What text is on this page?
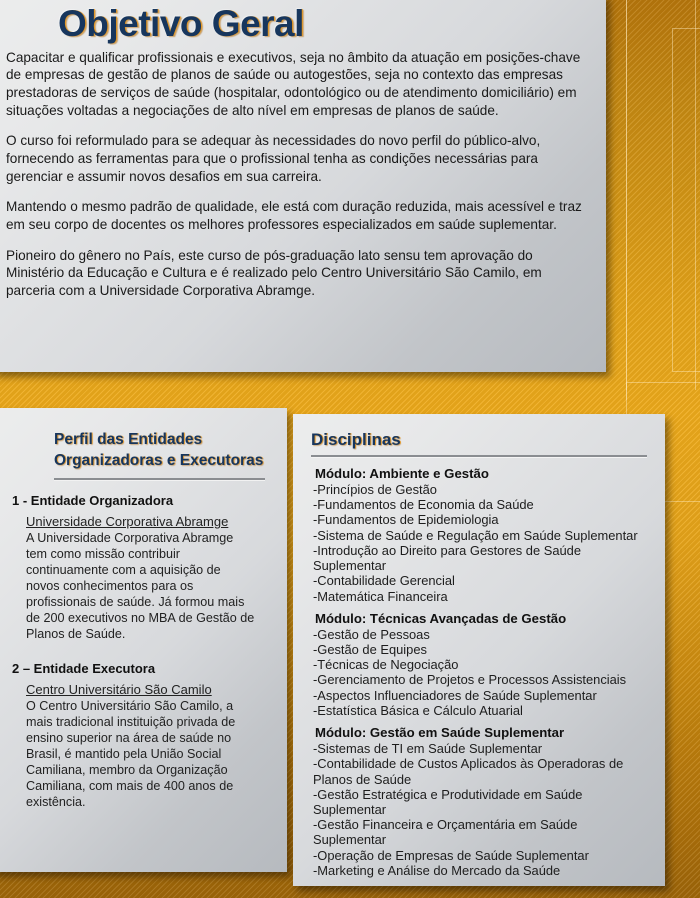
Objetivo Geral

Capacitar e qualificar profissionais e executivos, seja no âmbito da atuação em posições-chave de empresas de gestão de planos de saúde ou autogestões, seja no contexto das empresas prestadoras de serviços de saúde (hospitalar, odontológico ou de atendimento domiciliário) em situações voltadas a negociações de alto nível em empresas de planos de saúde.

O curso foi reformulado para se adequar às necessidades do novo perfil do público-alvo, fornecendo as ferramentas para que o profissional tenha as condições necessárias para gerenciar e assumir novos desafios em sua carreira.

Mantendo o mesmo padrão de qualidade, ele está com duração reduzida, mais acessível e traz em seu corpo de docentes os melhores professores especializados em saúde suplementar.

Pioneiro do gênero no País, este curso de pós-graduação lato sensu tem aprovação do Ministério da Educação e Cultura e é realizado pelo Centro Universitário São Camilo, em parceria com a Universidade Corporativa Abramge.

Perfil das Entidades Organizadoras e Executoras
1 - Entidade Organizadora
Universidade Corporativa Abramge
A Universidade Corporativa Abramge tem como missão contribuir continuamente com a aquisição de novos conhecimentos para os profissionais de saúde. Já formou mais de 200 executivos no MBA de Gestão de Planos de Saúde.
2 – Entidade Executora
Centro Universitário São Camilo
O Centro Universitário São Camilo, a mais tradicional instituição privada de ensino superior na área de saúde no Brasil, é mantido pela União Social Camiliana, membro da Organização Camiliana, com mais de 400 anos de existência.
Disciplinas
Módulo: Ambiente e Gestão
-Princípios de Gestão
-Fundamentos de Economia da Saúde
-Fundamentos de Epidemiologia
-Sistema de Saúde e Regulação em Saúde Suplementar
-Introdução ao Direito para Gestores de Saúde Suplementar
-Contabilidade Gerencial
-Matemática Financeira
Módulo: Técnicas Avançadas de Gestão
-Gestão de Pessoas
-Gestão de Equipes
-Técnicas de Negociação
-Gerenciamento de Projetos e Processos Assistenciais
-Aspectos Influenciadores de Saúde Suplementar
-Estatística Básica e Cálculo Atuarial
Módulo: Gestão em Saúde Suplementar
-Sistemas de TI em Saúde Suplementar
-Contabilidade de Custos Aplicados às Operadoras de Planos de Saúde
-Gestão Estratégica e Produtividade em Saúde Suplementar
-Gestão Financeira e Orçamentária em Saúde Suplementar
-Operação de Empresas de Saúde Suplementar
-Marketing e Análise do Mercado da Saúde
